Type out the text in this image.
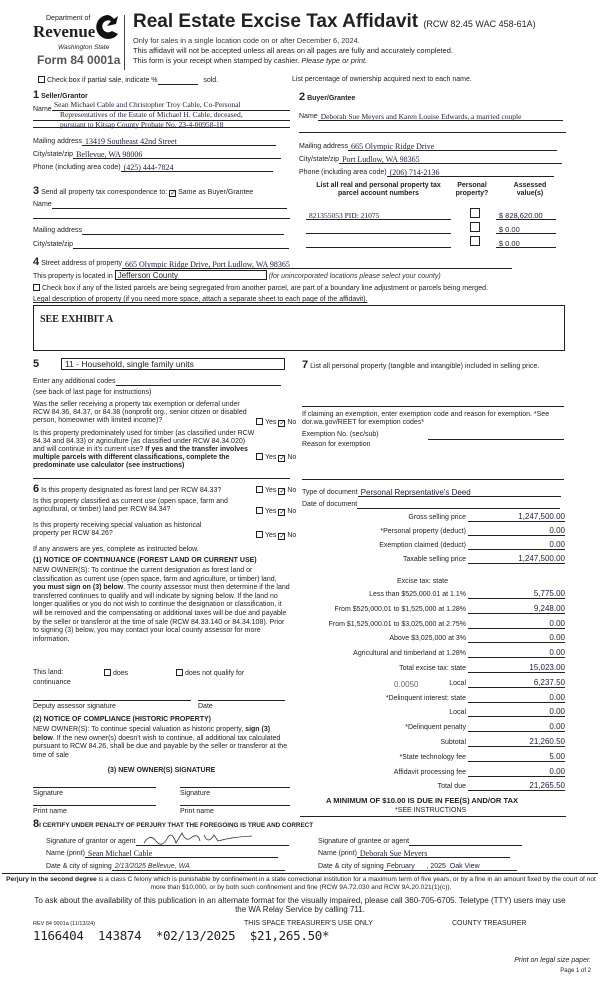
Department of
Revenue
Washington State
Form 84 0001a
Real Estate Excise Tax Affidavit (RCW 82.45 WAC 458-61A)
Only for sales in a single location code on or after December 6, 2024.
This affidavit will not be accepted unless all areas on all pages are fully and accurately completed.
This form is your receipt when stamped by cashier. Please type or print.
Check box if partial sale, indicate %	sold.	List percentage of ownership acquired next to each name.
1 Seller/Grantor
Name
Sean Michael Cable and Christopher Troy Cable, Co-Personal
Representatives of the Estate of Michael H. Cable, deceased,
pursuant to Kitsap County Probate No. 23-4-00958-18
Mailing address 13419 Southeast 42nd Street
City/state/zip Bellevue, WA 98006
Phone (including area code) (425) 444-7824
2 Buyer/Grantee
Name Deborah Sue Meyers and Karen Louise Edwards, a married couple
Mailing address 665 Olympic Ridge Drive
City/state/zip Port Ludlow, WA 98365
Phone (including area code) (206) 714-2136
3 Send all property tax correspondence to: ✓ Same as Buyer/Grantee
Name
Mailing address
City/state/zip
List all real and personal property tax
parcel account numbers
Personal
property?
Assessed
value(s)
821355053 PID: 21075	$ 828,620.00
$ 0.00
$ 0.00
4 Street address of property 665 Olympic Ridge Drive, Port Ludlow, WA 98365
This property is located in Jefferson County	(for unincorporated locations please select your county)
Check box if any of the listed parcels are being segregated from another parcel, are part of a boundary line adjustment or parcels being merged.
Legal description of property (if you need more space, attach a separate sheet to each page of the affidavit).
SEE EXHIBIT A
5	11 - Household, single family units
Enter any additional codes
(see back of last page for instructions)
Was the seller receiving a property tax exemption or deferral under RCW 84.36, 84.37, or 84.38 (nonprofit org., senior citizen or disabled person, homeowner with limited income)?	Yes ✓ No
Is this property predominately used for timber (as classified under RCW 84.34 and 84.33) or agriculture (as classified under RCW 84.34.020) and will continue in it's current use? If yes and the transfer involves multiple parcels with different classifications, complete the predominate use calculator (see instructions)
Yes ✓ No
6 Is this property designated as forest land per RCW 84.33?	Yes ✓ No
Is this property classified as current use (open space, farm and agricultural, or timber) land per RCW 84.34?	Yes ✓ No
Is this property receiving special valuation as historical property per RCW 84.26?	Yes ✓ No
If any answers are yes, complete as instructed below.
(1) NOTICE OF CONTINUANCE (FOREST LAND OR CURRENT USE)
NEW OWNER(S): To continue the current designation as forest land or classification as current use (open space, farm and agriculture, or timber) land, you must sign on (3) below. The county assessor must then determine if the land transferred continues to qualify and will indicate by signing below. If the land no longer qualifies or you do not wish to continue the designation or classification, it will be removed and the compensating or additional taxes will be due and payable by the seller or transferor at the time of sale (RCW 84.33.140 or 84.34.108). Prior to signing (3) below, you may contact your local county assessor for more information.
This land:
continuance
does	does not qualify for
Deputy assessor signature	Date
(2) NOTICE OF COMPLIANCE (HISTORIC PROPERTY)
NEW OWNER(S): To continue special valuation as historic property, sign (3) below. If the new owner(s) doesn't wish to continue, all additional tax calculated pursuant to RCW 84.26, shall be due and payable by the seller or transferor at the time of sale
(3) NEW OWNER(S) SIGNATURE
Signature	Signature
Print name	Print name
7 List all personal property (tangible and intangible) included in selling price.
If claiming an exemption, enter exemption code and reason for exemption. *See dor.wa.gov/REET for exemption codes*
Exemption No. (sec/sub)
Reason for exemption
Type of document Personal Reprsentative's Deed
Date of document
Gross selling price	1,247,500.00
*Personal property (deduct)	0.00
Exemption claimed (deduct)	0.00
Taxable selling price	1,247,500.00
Excise tax: state
Less than $525,000.01 at 1.1%	5,775.00
From $525,000.01 to $1,525,000 at 1.28%	9,248.00
From $1,525,000.01 to $3,025,000 at 2.75%	0.00
Above $3,025,000 at 3%	0.00
Agricultural and timberland at 1.28%	0.00
Total excise tax: state	15,023.00
Local	6,237.50
*Delinquent interest: state	0.00
Local	0.00
*Delinquent penalty	0.00
Subtotal	21,260.50
*State technology fee	5.00
Affidavit processing fee	0.00
Total due	21,265.50
0.0050
A MINIMUM OF $10.00 IS DUE IN FEE(S) AND/OR TAX
*SEE INSTRUCTIONS
8I CERTIFY UNDER PENALTY OF PERJURY THAT THE FOREGOING IS TRUE AND CORRECT
Signature of grantor or agent
Name (print) Sean Michael Cable
Date & city of signing 2/13/2025 Bellevue, WA
Signature of grantee or agent
Name (print) Deborah Sue Meyers
Date & city of signing February      , 2025  Oak View
Perjury in the second degree is a class C felony which is punishable by confinement in a state correctional institution for a maximum term of five years, or by a fine in an amount fixed by the court of not more than $10,000, or by both such confinement and fine (RCW 9A.72.030 and RCW 9A.20.021(1)(c)).
To ask about the availability of this publication in an alternate format for the visually impaired, please call 360-705-6705. Teletype (TTY) users may use the WA Relay Service by calling 711.
REV 84 0001a (11/13/24)	THIS SPACE TREASURER'S USE ONLY	COUNTY TREASURER
1166404  143874  *02/13/2025  $21,265.50*
Print on legal size paper.
Page 1 of 2
